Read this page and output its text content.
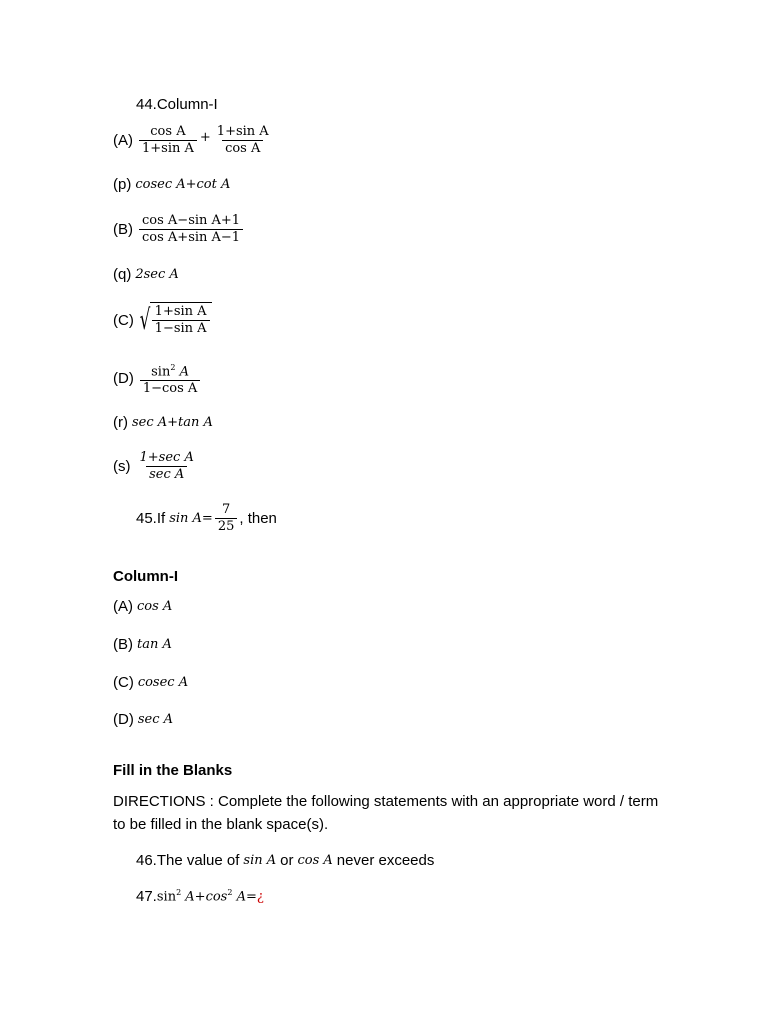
44.Column-I
$(A) \frac{\text{cos A}}{\text{1+sin A}} + \frac{\text{1+sin A}}{\text{cos A}}$
(p) cosec A+cot A
$(B) \frac{\text{cos A−sin A+1}}{\text{cos A+sin A−1}}$
(q) 2sec A
(C) √ $\frac{\text{1+sin A}}{\text{1−sin A}}$
$(D) \frac{\sin^2 A}{\text{1−cos A}}$
(r) sec A+tan A
$(s) \frac{\text{1+sec A}}{\text{sec A}}$
45.If $\sin A= \frac{7}{25}$ , then
Column-I
(A) cos A
(B) tan A
(C) cosec A
(D) sec A
Fill in the Blanks
DIRECTIONS : Complete the following statements with an appropriate word / term to be filled in the blank space(s).
46.The value of sin A or cos A never exceeds
47. $\sin^2 A+\cos^2$ A=¿
